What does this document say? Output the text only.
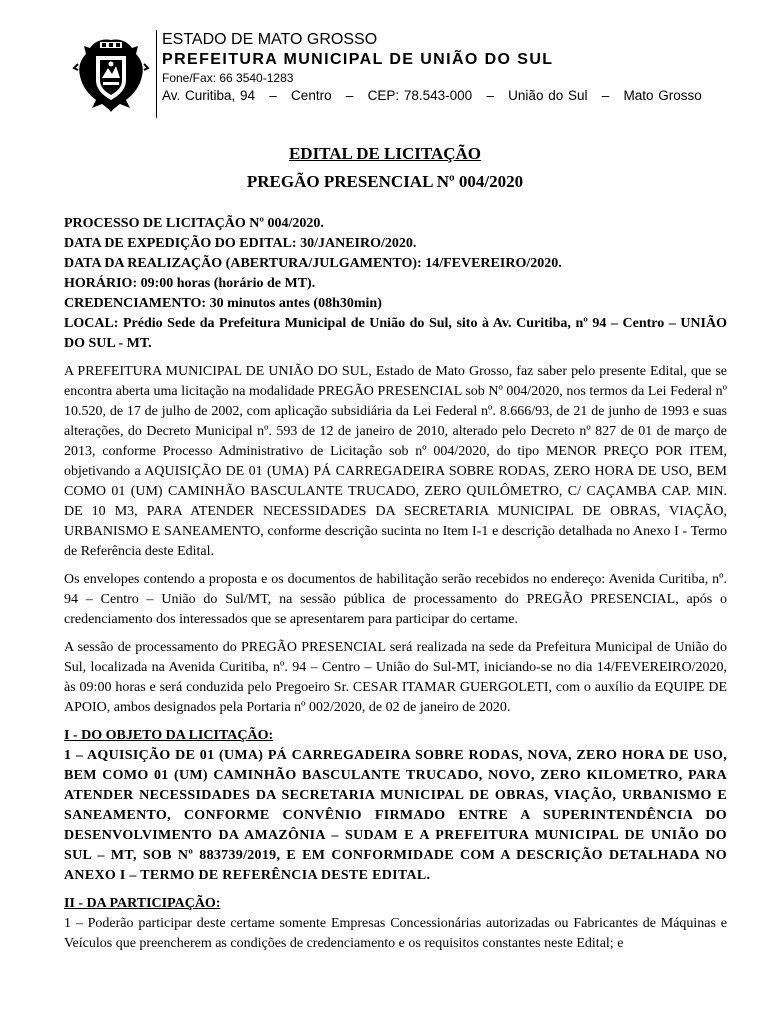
ESTADO DE MATO GROSSO
PREFEITURA MUNICIPAL DE UNIÃO DO SUL
Fone/Fax: 66 3540-1283
Av. Curitiba, 94   –   Centro   –   CEP: 78.543-000   –   União do Sul   –   Mato Grosso
EDITAL DE LICITAÇÃO
PREGÃO PRESENCIAL Nº 004/2020

PROCESSO DE LICITAÇÃO Nº 004/2020.

DATA DE EXPEDIÇÃO DO EDITAL: 30/JANEIRO/2020.

DATA DA REALIZAÇÃO (ABERTURA/JULGAMENTO): 14/FEVEREIRO/2020.

HORÁRIO: 09:00 horas (horário de MT).

CREDENCIAMENTO: 30 minutos antes (08h30min)

LOCAL: Prédio Sede da Prefeitura Municipal de União do Sul, sito à Av. Curitiba, nº 94 – Centro – UNIÃO DO SUL - MT.

A PREFEITURA MUNICIPAL DE UNIÃO DO SUL, Estado de Mato Grosso, faz saber pelo presente Edital, que se encontra aberta uma licitação na modalidade PREGÃO PRESENCIAL sob Nº 004/2020, nos termos da Lei Federal nº 10.520, de 17 de julho de 2002, com aplicação subsidiária da Lei Federal nº. 8.666/93, de 21 de junho de 1993 e suas alterações, do Decreto Municipal nº. 593 de 12 de janeiro de 2010, alterado pelo Decreto nº 827 de 01 de março de 2013, conforme Processo Administrativo de Licitação sob nº 004/2020, do tipo MENOR PREÇO POR ITEM, objetivando a AQUISIÇÃO DE 01 (UMA) PÁ CARREGADEIRA SOBRE RODAS, ZERO HORA DE USO, BEM COMO 01 (UM) CAMINHÃO BASCULANTE TRUCADO, ZERO QUILÔMETRO, C/ CAÇAMBA CAP. MIN. DE 10 M3, PARA ATENDER NECESSIDADES DA SECRETARIA MUNICIPAL DE OBRAS, VIAÇÃO, URBANISMO E SANEAMENTO, conforme descrição sucinta no Item I-1 e descrição detalhada no Anexo I - Termo de Referência deste Edital.

Os envelopes contendo a proposta e os documentos de habilitação serão recebidos no endereço: Avenida Curitiba, nº. 94 – Centro – União do Sul/MT, na sessão pública de processamento do PREGÃO PRESENCIAL, após o credenciamento dos interessados que se apresentarem para participar do certame.

A sessão de processamento do PREGÃO PRESENCIAL será realizada na sede da Prefeitura Municipal de União do Sul, localizada na Avenida Curitiba, nº. 94 – Centro – União do Sul-MT, iniciando-se no dia 14/FEVEREIRO/2020, às 09:00 horas e será conduzida pelo Pregoeiro Sr. CESAR ITAMAR GUERGOLETI, com o auxílio da EQUIPE DE APOIO, ambos designados pela Portaria nº 002/2020, de 02 de janeiro de 2020.

I - DO OBJETO DA LICITAÇÃO:

1 – AQUISIÇÃO DE 01 (UMA) PÁ CARREGADEIRA SOBRE RODAS, NOVA, ZERO HORA DE USO, BEM COMO 01 (UM) CAMINHÃO BASCULANTE TRUCADO, NOVO, ZERO KILOMETRO, PARA ATENDER NECESSIDADES DA SECRETARIA MUNICIPAL DE OBRAS, VIAÇÃO, URBANISMO E SANEAMENTO, CONFORME CONVÊNIO FIRMADO ENTRE A SUPERINTENDÊNCIA DO DESENVOLVIMENTO DA AMAZÔNIA – SUDAM E A PREFEITURA MUNICIPAL DE UNIÃO DO SUL – MT, SOB Nº 883739/2019, E EM CONFORMIDADE COM A DESCRIÇÃO DETALHADA NO ANEXO I – TERMO DE REFERÊNCIA DESTE EDITAL.

II - DA PARTICIPAÇÃO:

1 – Poderão participar deste certame somente Empresas Concessionárias autorizadas ou Fabricantes de Máquinas e Veículos que preencherem as condições de credenciamento e os requisitos constantes neste Edital; e
